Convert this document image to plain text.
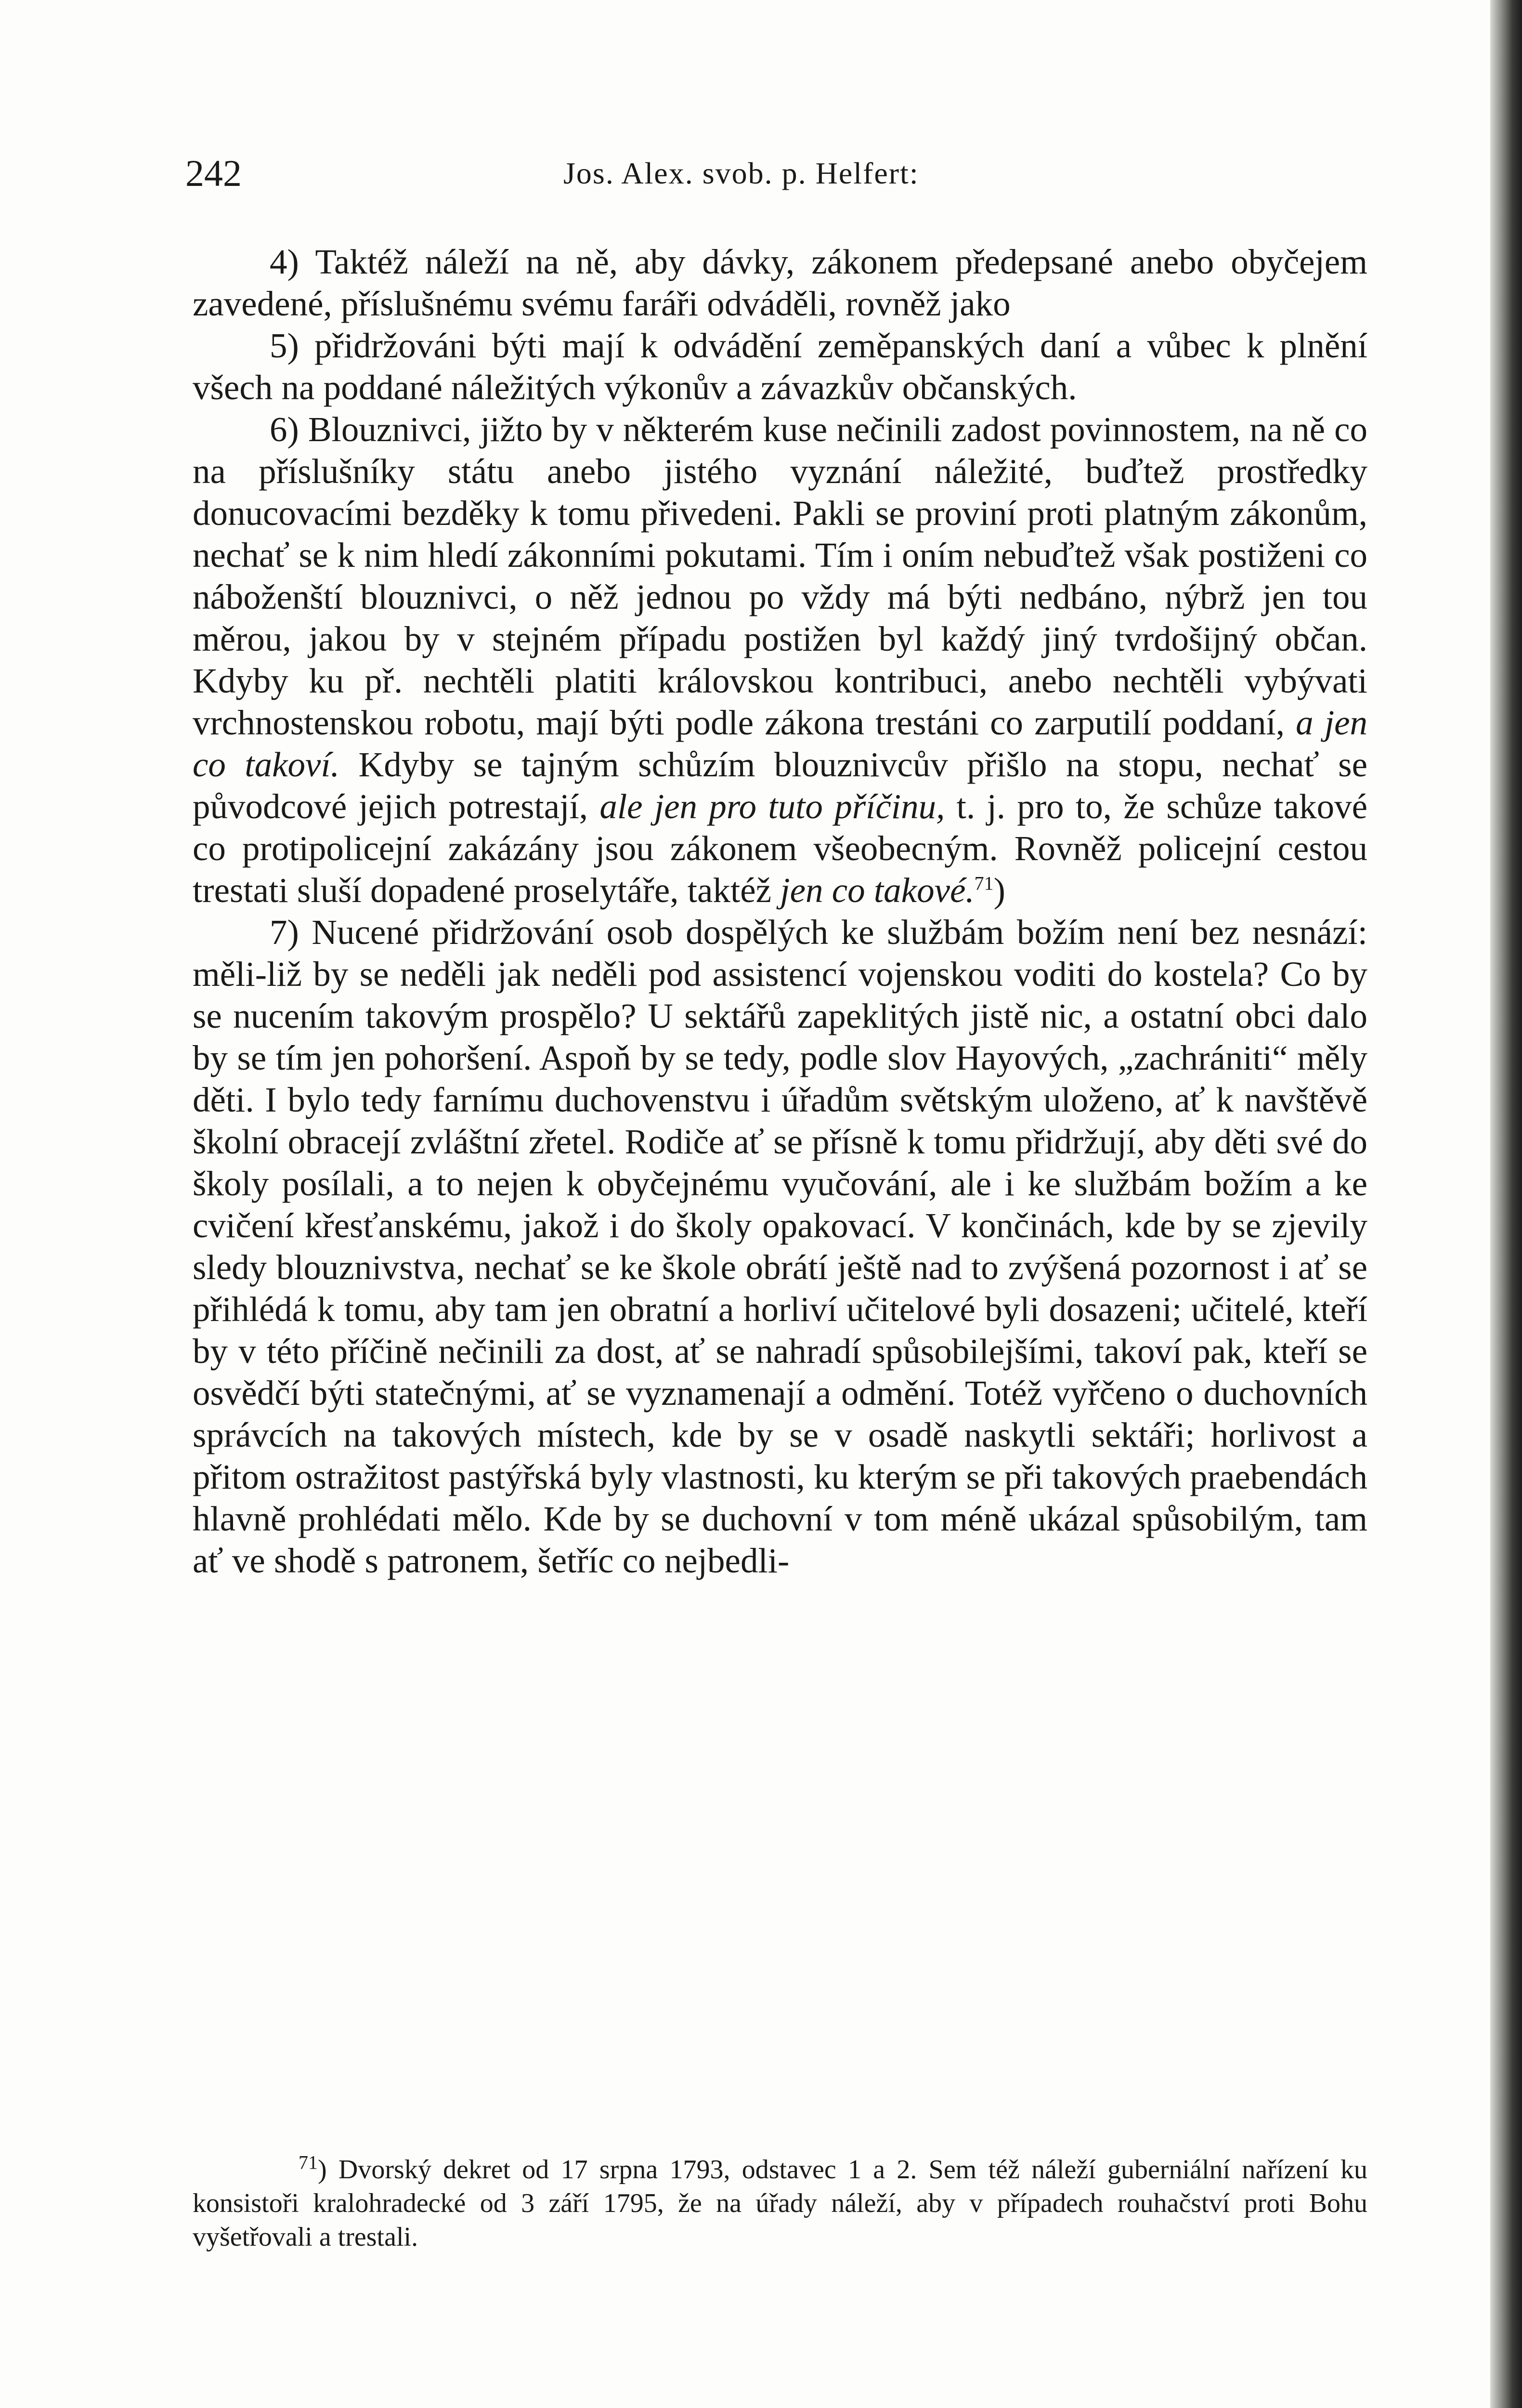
242	Jos. Alex. svob. p. Helfert:

4) Taktéž náleží na ně, aby dávky, zákonem předepsané anebo obyčejem zavedené, příslušnému svému faráři odváděli, rovněž jako

5) přidržováni býti mají k odvádění zeměpanských daní a vůbec k plnění všech na poddané náležitých výkonův a závazkův občanských.

6) Blouznivci, jižto by v některém kuse nečinili zadost povinnostem, na ně co na příslušníky státu anebo jistého vyznání náležité, buďtež prostředky donucovacími bezděky k tomu přivedeni. Pakli se proviní proti platným zákonům, nechať se k nim hledí zákonními pokutami. Tím i oním nebuďtež však postiženi co náboženští blouznivci, o něž jednou po vždy má býti nedbáno, nýbrž jen tou měrou, jakou by v stejném případu postižen byl každý jiný tvrdošijný občan. Kdyby ku př. nechtěli platiti královskou kontribuci, anebo nechtěli vybývati vrchnostenskou robotu, mají býti podle zákona trestáni co zarputilí poddaní, a jen co takoví. Kdyby se tajným schůzím blouznivcův přišlo na stopu, nechať se původcové jejich potrestají, ale jen pro tuto příčinu, t. j. pro to, že schůze takové co protipolicejní zakázány jsou zákonem všeobecným. Rovněž policejní cestou trestati sluší dopadené proselytáře, taktéž jen co takové.$^{71}$)

7) Nucené přidržování osob dospělých ke službám božím není bez nesnází: měli-liž by se neděli jak neděli pod assistencí vojenskou voditi do kostela? Co by se nucením takovým prospělo? U sektářů zapeklitých jistě nic, a ostatní obci dalo by se tím jen pohoršení. Aspoň by se tedy, podle slov Hayových, „zachrániti“ měly děti. I bylo tedy farnímu duchovenstvu i úřadům světským uloženo, ať k navštěvě školní obracejí zvláštní zřetel. Rodiče ať se přísně k tomu přidržují, aby děti své do školy posílali, a to nejen k obyčejnému vyučování, ale i ke službám božím a ke cvičení křesťanskému, jakož i do školy opakovací. V končinách, kde by se zjevily sledy blouznivstva, nechať se ke škole obrátí ještě nad to zvýšená pozornost i ať se přihlédá k tomu, aby tam jen obratní a horliví učitelové byli dosazeni; učitelé, kteří by v této příčině nečinili za dost, ať se nahradí spůsobilejšími, takoví pak, kteří se osvědčí býti statečnými, ať se vyznamenají a odmění. Totéž vyřčeno o duchovních správcích na takových místech, kde by se v osadě naskytli sektáři; horlivost a přitom ostražitost pastýřská byly vlastnosti, ku kterým se při takových praebendách hlavně prohlédati mělo. Kde by se duchovní v tom méně ukázal spůsobilým, tam ať ve shodě s patronem, šetříc co nejbedli-

$^{71}$) Dvorský dekret od 17 srpna 1793, odstavec 1 a 2. Sem též náleží guberniální nařízení ku konsistoři kralohradecké od 3 září 1795, že na úřady náleží, aby v případech rouhačství proti Bohu vyšetřovali a trestali.
